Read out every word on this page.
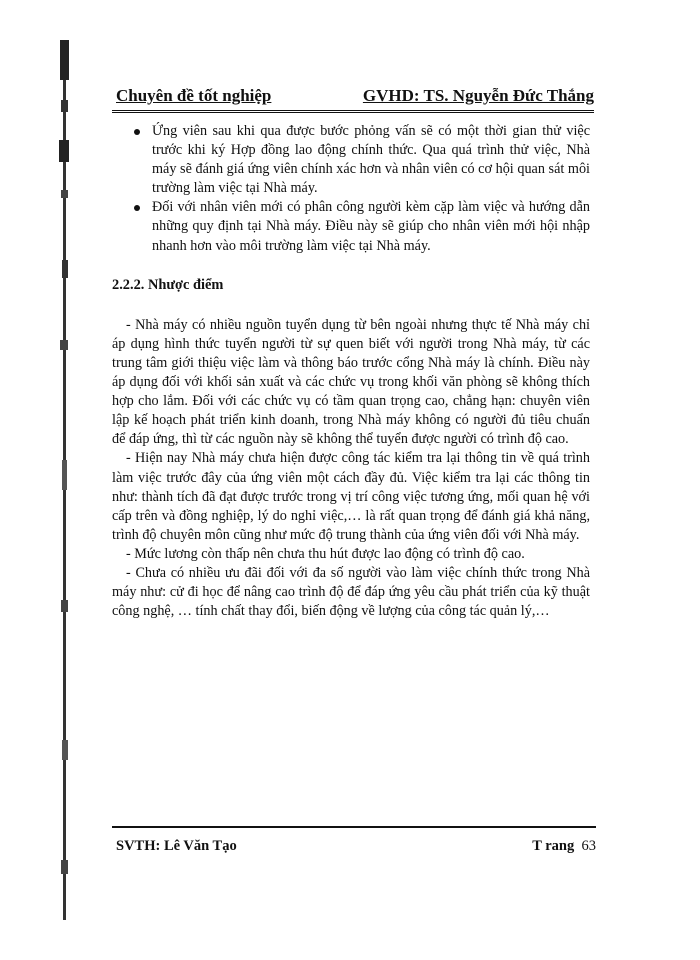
Chuyên đề tốt nghiệp	GVHD: TS. Nguyễn Đức Thắng
Ứng viên sau khi qua được bước phỏng vấn sẽ có một thời gian thử việc trước khi ký Hợp đồng lao động chính thức. Qua quá trình thử việc, Nhà máy sẽ đánh giá ứng viên chính xác hơn và nhân viên có cơ hội quan sát môi trường làm việc tại Nhà máy.
Đối với nhân viên mới có phân công người kèm cặp làm việc và hướng dẫn những quy định tại Nhà máy. Điều này sẽ giúp cho nhân viên mới hội nhập nhanh hơn vào môi trường làm việc tại Nhà máy.
2.2.2. Nhược điểm

- Nhà máy có nhiều nguồn tuyển dụng từ bên ngoài nhưng thực tế Nhà máy chỉ áp dụng hình thức tuyển người từ sự quen biết với người trong Nhà máy, từ các trung tâm giới thiệu việc làm và thông báo trước cổng Nhà máy là chính. Điều này áp dụng đối với khối sản xuất và các chức vụ trong khối văn phòng sẽ không thích hợp cho lắm. Đối với các chức vụ có tầm quan trọng cao, chẳng hạn: chuyên viên lập kế hoạch phát triển kinh doanh, trong Nhà máy không có người đủ tiêu chuẩn để đáp ứng, thì từ các nguồn này sẽ không thể tuyển được người có trình độ cao.

- Hiện nay Nhà máy chưa hiện được công tác kiểm tra lại thông tin về quá trình làm việc trước đây của ứng viên một cách đầy đủ. Việc kiểm tra lại các thông tin như: thành tích đã đạt được trước trong vị trí công việc tương ứng, mối quan hệ với cấp trên và đồng nghiệp, lý do nghỉ việc,… là rất quan trọng để đánh giá khả năng, trình độ chuyên môn cũng như mức độ trung thành của ứng viên đối với Nhà máy.

- Mức lương còn thấp nên chưa thu hút được lao động có trình độ cao.

- Chưa có nhiều ưu đãi đối với đa số người vào làm việc chính thức trong Nhà máy như: cử đi học để nâng cao trình độ để đáp ứng yêu cầu phát triển của kỹ thuật công nghệ, … tính chất thay đổi, biến động về lượng của công tác quản lý,…

SVTH: Lê Văn Tạo	T rang 63
